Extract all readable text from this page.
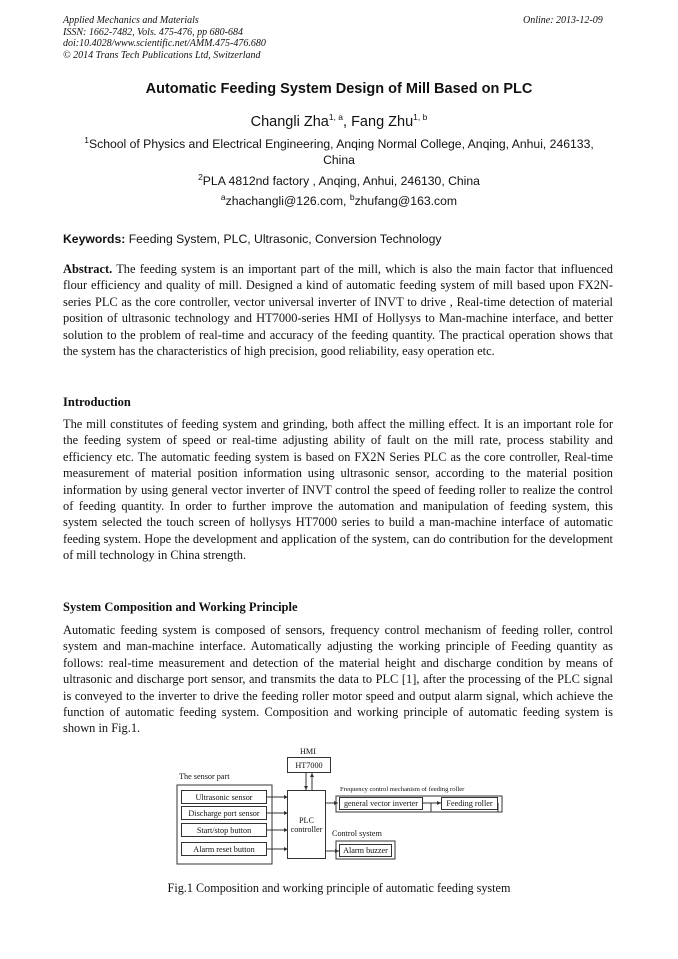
Applied Mechanics and Materials
ISSN: 1662-7482, Vols. 475-476, pp 680-684
doi:10.4028/www.scientific.net/AMM.475-476.680
© 2014 Trans Tech Publications Ltd, Switzerland
Online: 2013-12-09
Automatic Feeding System Design of Mill Based on PLC
Changli Zha$^{1, a}$, Fang Zhu$^{1, b}$
$^1$School of Physics and Electrical Engineering, Anqing Normal College, Anqing, Anhui, 246133,
China
$^2$PLA 4812nd factory , Anqing, Anhui, 246130, China
$^a$zhachangli@126.com, $^b$zhufang@163.com
Keywords: Feeding System, PLC, Ultrasonic, Conversion Technology

Abstract. The feeding system is an important part of the mill, which is also the main factor that influenced flour efficiency and quality of mill. Designed a kind of automatic feeding system of mill based upon FX2N-series PLC as the core controller, vector universal inverter of INVT to drive , Real-time detection of material position of ultrasonic technology and HT7000-series HMI of Hollysys to Man-machine interface, and better solution to the problem of real-time and accuracy of the feeding quantity. The practical operation shows that the system has the characteristics of high precision, good reliability, easy operation etc.

Introduction

The mill constitutes of feeding system and grinding, both affect the milling effect. It is an important role for the feeding system of speed or real-time adjusting ability of fault on the mill rate, process stability and efficiency etc. The automatic feeding system is based on FX2N Series PLC as the core controller, Real-time measurement of material position information using ultrasonic sensor, according to the material position information by using general vector inverter of INVT control the speed of feeding roller to realize the control of feeding quantity. In order to further improve the automation and manipulation of feeding system, this system selected the touch screen of hollysys HT7000 series to build a man-machine interface of automatic feeding system. Hope the development and application of the system, can do contribution for the development of mill technology in China strength.

System Composition and Working Principle

Automatic feeding system is composed of sensors, frequency control mechanism of feeding roller, control system and man-machine interface. Automatically adjusting the working principle of Feeding quantity as follows: real-time measurement and detection of the material height and discharge condition by means of ultrasonic and discharge port sensor, and transmits the data to PLC [1], after the processing of the PLC signal is conveyed to the inverter to drive the feeding roller motor speed and output alarm signal, which achieve the function of automatic feeding system. Composition and working principle of automatic feeding system is shown in Fig.1.

HMI
HT7000
The sensor part
Ultrasonic sensor
Discharge port sensor
Start/stop button
Alarm reset button
PLC
controller
Frequency control mechanism of feeding roller
general vector inverter	Feeding roller
Control system
Alarm buzzer
Fig.1 Composition and working principle of automatic feeding system
